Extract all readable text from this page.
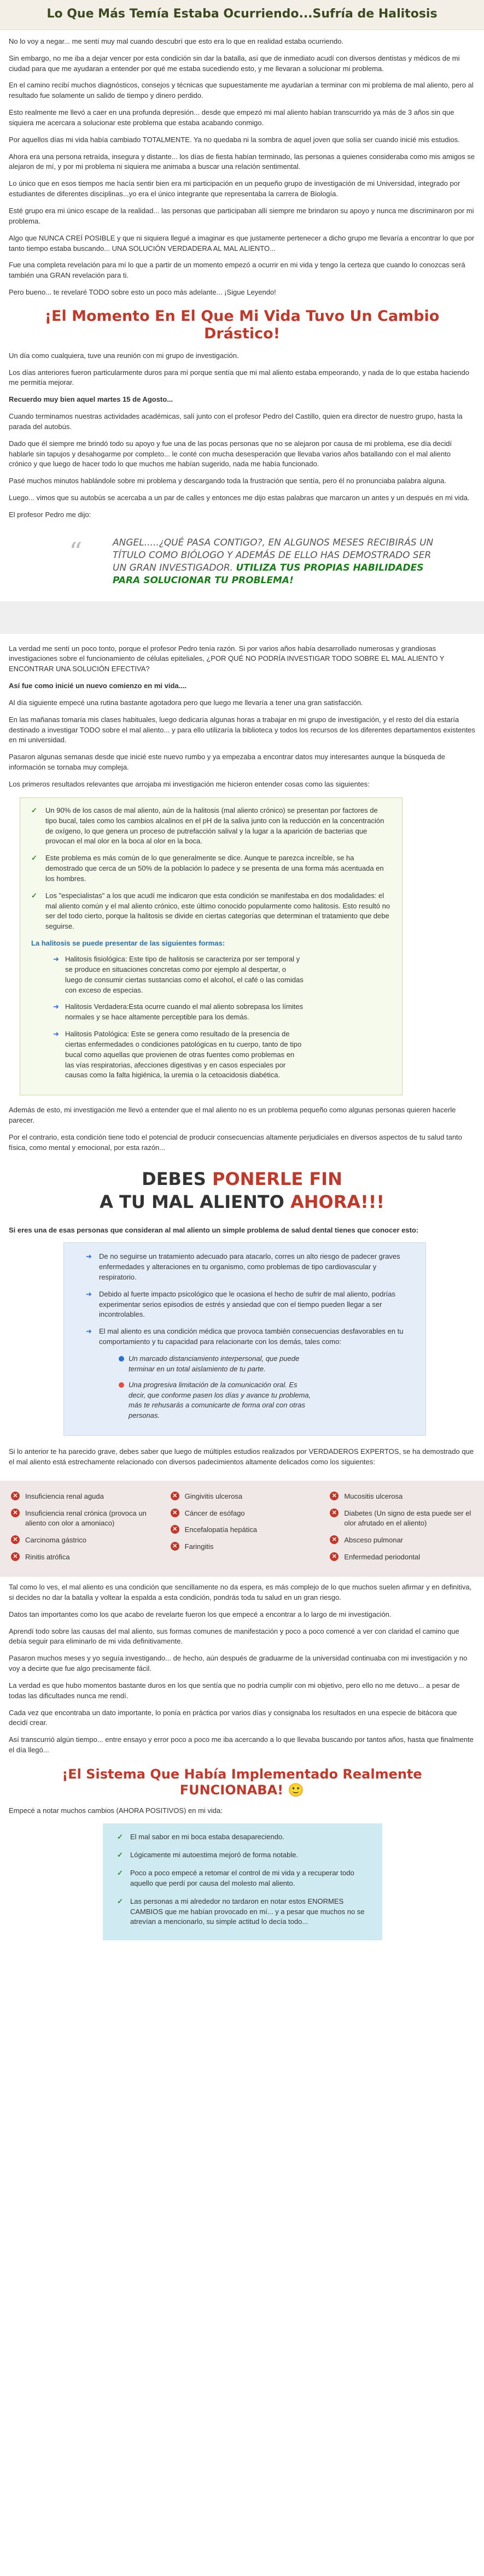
Lo Que Más Temía Estaba Ocurriendo...Sufría de Halitosis

No lo voy a negar... me sentí muy mal cuando descubrí que esto era lo que en realidad estaba ocurriendo.

Sin embargo, no me iba a dejar vencer por esta condición sin dar la batalla, así que de inmediato acudí con diversos dentistas y médicos de mi ciudad para que me ayudaran a entender por qué me estaba sucediendo esto, y me llevaran a solucionar mi problema.

En el camino recibí muchos diagnósticos, consejos y técnicas que supuestamente me ayudarían a terminar con mi problema de mal aliento, pero al resultado fue solamente un salido de tiempo y dinero perdido.

Esto realmente me llevó a caer en una profunda depresión... desde que empezó mi mal aliento habían transcurrido ya más de 3 años sin que siquiera me acercara a solucionar este problema que estaba acabando conmigo.

Por aquellos días mi vida había cambiado TOTALMENTE. Ya no quedaba ni la sombra de aquel joven que solía ser cuando inicié mis estudios.

Ahora era una persona retraída, insegura y distante... los días de fiesta habían terminado, las personas a quienes consideraba como mis amigos se alejaron de mí, y por mi problema ni siquiera me animaba a buscar una relación sentimental.

Lo único que en esos tiempos me hacía sentir bien era mi participación en un pequeño grupo de investigación de mi Universidad, integrado por estudiantes de diferentes disciplinas...yo era el único integrante que representaba la carrera de Biología.

Esté grupo era mi único escape de la realidad... las personas que participaban allí siempre me brindaron su apoyo y nunca me discriminaron por mi problema.

Algo que NUNCA CREÍ POSIBLE y que ni siquiera llegué a imaginar es que justamente pertenecer a dicho grupo me llevaría a encontrar lo que por tanto tiempo estaba buscando... UNA SOLUCIÓN VERDADERA AL MAL ALIENTO...

Fue una completa revelación para mí lo que a partir de un momento empezó a ocurrir en mi vida y tengo la certeza que cuando lo conozcas será también una GRAN revelación para ti.

Pero bueno... te revelaré TODO sobre esto un poco más adelante... ¡Sigue Leyendo!

¡El Momento En El Que Mi Vida Tuvo Un Cambio Drástico!

Un día como cualquiera, tuve una reunión con mi grupo de investigación.

Los días anteriores fueron particularmente duros para mí porque sentía que mi mal aliento estaba empeorando, y nada de lo que estaba haciendo me permitía mejorar.

Recuerdo muy bien aquel martes 15 de Agosto...

Cuando terminamos nuestras actividades académicas, salí junto con el profesor Pedro del Castillo, quien era director de nuestro grupo, hasta la parada del autobús.

Dado que él siempre me brindó todo su apoyo y fue una de las pocas personas que no se alejaron por causa de mi problema, ese día decidí hablarle sin tapujos y desahogarme por completo... le conté con mucha desesperación que llevaba varios años batallando con el mal aliento crónico y que luego de hacer todo lo que muchos me habían sugerido, nada me había funcionado.

Pasé muchos minutos hablándole sobre mi problema y descargando toda la frustración que sentía, pero él no pronunciaba palabra alguna.

Luego... vimos que su autobús se acercaba a un par de calles y entonces me dijo estas palabras que marcaron un antes y un después en mi vida.

El profesor Pedro me dijo:

“	ANGEL.....¿QUÉ PASA CONTIGO?, EN ALGUNOS MESES RECIBIRÁS UN TÍTULO COMO BIÓLOGO Y ADEMÁS DE ELLO HAS DEMOSTRADO SER UN GRAN INVESTIGADOR. UTILIZA TUS PROPIAS HABILIDADES PARA SOLUCIONAR TU PROBLEMA!

La verdad me sentí un poco tonto, porque el profesor Pedro tenía razón. Si por varios años había desarrollado numerosas y grandiosas investigaciones sobre el funcionamiento de células epiteliales, ¿POR QUÉ NO PODRÍA INVESTIGAR TODO SOBRE EL MAL ALIENTO Y ENCONTRAR UNA SOLUCIÓN EFECTIVA?

Así fue como inicié un nuevo comienzo en mi vida....

Al día siguiente empecé una rutina bastante agotadora pero que luego me llevaría a tener una gran satisfacción.

En las mañanas tomaría mis clases habituales, luego dedicaría algunas horas a trabajar en mi grupo de investigación, y el resto del día estaría destinado a investigar TODO sobre el mal aliento... y para ello utilizaría la biblioteca y todos los recursos de los diferentes departamentos existentes en mi universidad.

Pasaron algunas semanas desde que inicié este nuevo rumbo y ya empezaba a encontrar datos muy interesantes aunque la búsqueda de información se tornaba muy compleja.

Los primeros resultados relevantes que arrojaba mi investigación me hicieron entender cosas como las siguientes:

✓ Un 90% de los casos de mal aliento, aún de la halitosis (mal aliento crónico) se presentan por factores de tipo bucal, tales como los cambios alcalinos en el pH de la saliva junto con la reducción en la concentración de oxígeno, lo que genera un proceso de putrefacción salival y la lugar a la aparición de bacterias que provocan el mal olor en la boca al olor en la boca.

✓ Este problema es más común de lo que generalmente se dice. Aunque te parezca increíble, se ha demostrado que cerca de un 50% de la población lo padece y se presenta de una forma más acentuada en los hombres.

✓ Los "especialistas" a los que acudí me indicaron que esta condición se manifestaba en dos modalidades: el mal aliento común y el mal aliento crónico, este último conocido popularmente como halitosis. Esto resultó no ser del todo cierto, porque la halitosis se divide en ciertas categorías que determinan el tratamiento que debe seguirse.

La halitosis se puede presentar de las siguientes formas:
➜ Halitosis fisiológica: Este tipo de halitosis se caracteriza por ser temporal y se produce en situaciones concretas como por ejemplo al despertar, o luego de consumir ciertas sustancias como el alcohol, el café o las comidas con exceso de especias.

➜ Halitosis Verdadera:Esta ocurre cuando el mal aliento sobrepasa los límites normales y se hace altamente perceptible para los demás.

➜ Halitosis Patológica: Este se genera como resultado de la presencia de ciertas enfermedades o condiciones patológicas en tu cuerpo, tanto de tipo bucal como aquellas que provienen de otras fuentes como problemas en las vías respiratorias, afecciones digestivas y en casos especiales por causas como la falta higiénica, la uremia o la cetoacidosis diabética.

Además de esto, mi investigación me llevó a entender que el mal aliento no es un problema pequeño como algunas personas quieren hacerle parecer.

Por el contrario, esta condición tiene todo el potencial de producir consecuencias altamente perjudiciales en diversos aspectos de tu salud tanto física, como mental y emocional, por esta razón...

DEBES PONERLE FIN
A TU MAL ALIENTO AHORA!!!

Si eres una de esas personas que consideran al mal aliento un simple problema de salud dental tienes que conocer esto:

➜ De no seguirse un tratamiento adecuado para atacarlo, corres un alto riesgo de padecer graves enfermedades y alteraciones en tu organismo, como problemas de tipo cardiovascular y respiratorio.

➜ Debido al fuerte impacto psicológico que le ocasiona el hecho de sufrir de mal aliento, podrías experimentar serios episodios de estrés y ansiedad que con el tiempo pueden llegar a ser incontrolables.

➜ El mal aliento es una condición médica que provoca también consecuencias desfavorables en tu comportamiento y tu capacidad para relacionarte con los demás, tales como:

Un marcado distanciamiento interpersonal, que puede terminar en un total aislamiento de tu parte.

Una progresiva limitación de la comunicación oral. Es decir, que conforme pasen los días y avance tu problema, más te rehusarás a comunicarte de forma oral con otras personas.

Si lo anterior te ha parecido grave, debes saber que luego de múltiples estudios realizados por VERDADEROS EXPERTOS, se ha demostrado que el mal aliento está estrechamente relacionado con diversos padecimientos altamente delicados como los siguientes:

✕ Insuficiencia renal aguda
✕ Insuficiencia renal crónica (provoca un aliento con olor a amoniaco)
✕ Carcinoma gástrico
✕ Rinitis atrófica
✕ Gingivitis ulcerosa
✕ Cáncer de esófago
✕ Encefalopatía hepática
✕ Faringitis
✕ Mucositis ulcerosa
✕ Diabetes (Un signo de esta puede ser el olor afrutado en el aliento)
✕ Absceso pulmonar
✕ Enfermedad periodontal

Tal como lo ves, el mal aliento es una condición que sencillamente no da espera, es más complejo de lo que muchos suelen afirmar y en definitiva, si decides no dar la batalla y voltear la espalda a esta condición, pondrás toda tu salud en un gran riesgo.

Datos tan importantes como los que acabo de revelarte fueron los que empecé a encontrar a lo largo de mi investigación.

Aprendí todo sobre las causas del mal aliento, sus formas comunes de manifestación y poco a poco comencé a ver con claridad el camino que debía seguir para eliminarlo de mi vida definitivamente.

Pasaron muchos meses y yo seguía investigando... de hecho, aún después de graduarme de la universidad continuaba con mi investigación y no voy a decirte que fue algo precisamente fácil.

La verdad es que hubo momentos bastante duros en los que sentía que no podría cumplir con mi objetivo, pero ello no me detuvo... a pesar de todas las dificultades nunca me rendí.

Cada vez que encontraba un dato importante, lo ponía en práctica por varios días y consignaba los resultados en una especie de bitácora que decidí crear.

Así transcurrió algún tiempo... entre ensayo y error poco a poco me iba acercando a lo que llevaba buscando por tantos años, hasta que finalmente el día llegó...

¡El Sistema Que Había Implementado Realmente FUNCIONABA! 🙂

Empecé a notar muchos cambios (AHORA POSITIVOS) en mi vida:

✓ El mal sabor en mi boca estaba desapareciendo.

✓ Lógicamente mi autoestima mejoró de forma notable.

✓ Poco a poco empecé a retomar el control de mi vida y a recuperar todo aquello que perdí por causa del molesto mal aliento.

✓ Las personas a mi alrededor no tardaron en notar estos ENORMES CAMBIOS que me habían provocado en mí... y a pesar que muchos no se atrevían a mencionarlo, su simple actitud lo decía todo...
